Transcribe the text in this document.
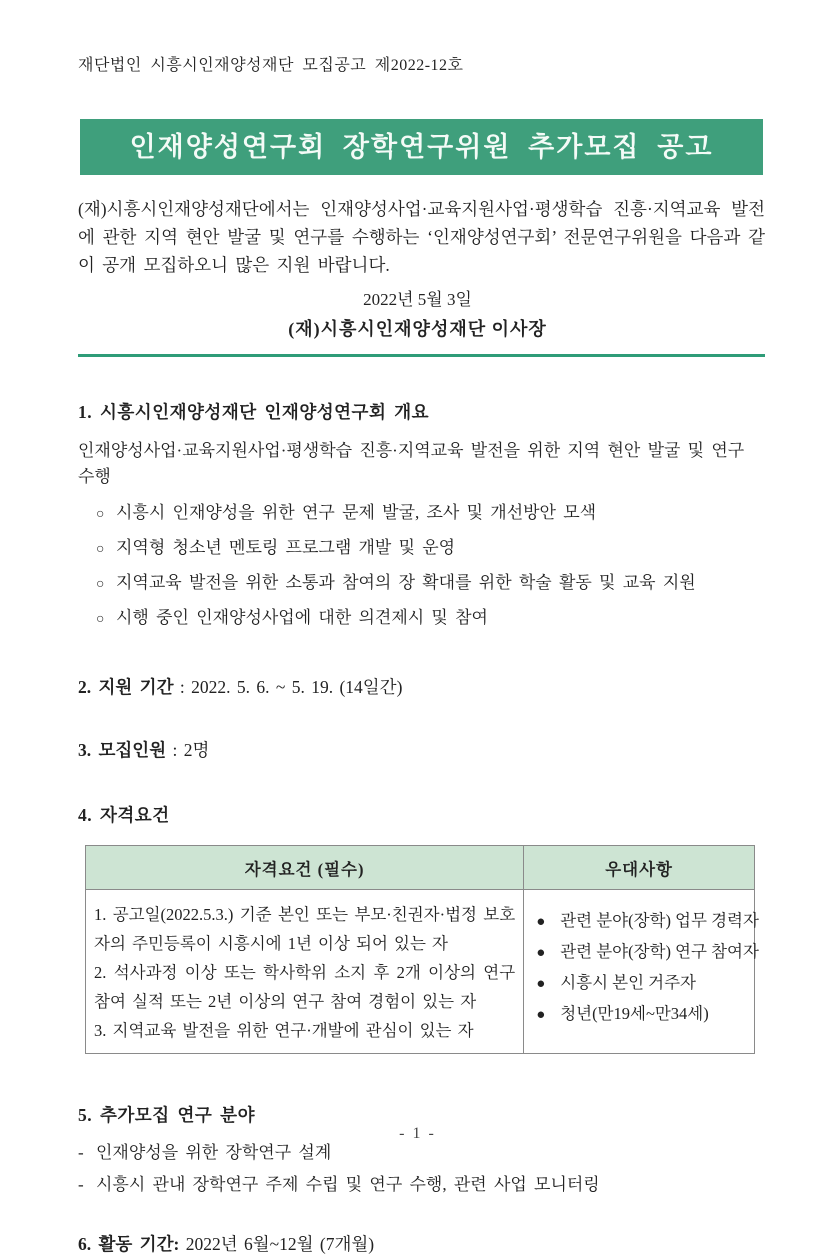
재단법인 시흥시인재양성재단 모집공고 제2022-12호
인재양성연구회 장학연구위원 추가모집 공고

(재)시흥시인재양성재단에서는 인재양성사업·교육지원사업·평생학습 진흥·지역교육 발전에 관한 지역 현안 발굴 및 연구를 수행하는 ‘인재양성연구회’ 전문연구위원을 다음과 같이 공개 모집하오니 많은 지원 바랍니다.

2022년 5월 3일
(재)시흥시인재양성재단 이사장
1. 시흥시인재양성재단 인재양성연구회 개요
인재양성사업·교육지원사업·평생학습 진흥·지역교육 발전을 위한 지역 현안 발굴 및 연구 수행
○ 시흥시 인재양성을 위한 연구 문제 발굴, 조사 및 개선방안 모색
○ 지역형 청소년 멘토링 프로그램 개발 및 운영
○ 지역교육 발전을 위한 소통과 참여의 장 확대를 위한 학술 활동 및 교육 지원
○ 시행 중인 인재양성사업에 대한 의견제시 및 참여
2. 지원 기간 : 2022. 5. 6. ~ 5. 19. (14일간)
3. 모집인원 : 2명
4. 자격요건
자격요건 (필수)	우대사항

1. 공고일(2022.5.3.) 기준 본인 또는 부모·친권자·법정 보호자의 주민등록이 시흥시에 1년 이상 되어 있는 자
2. 석사과정 이상 또는 학사학위 소지 후 2개 이상의 연구 참여 실적 또는 2년 이상의 연구 참여 경험이 있는 자
3. 지역교육 발전을 위한 연구·개발에 관심이 있는 자

● 관련 분야(장학) 업무 경력자
● 관련 분야(장학) 연구 참여자
● 시흥시 본인 거주자
● 청년(만19세~만34세)
5. 추가모집 연구 분야
- 인재양성을 위한 장학연구 설계
- 시흥시 관내 장학연구 주제 수립 및 연구 수행, 관련 사업 모니터링
6. 활동 기간: 2022년 6월~12월 (7개월)
- 1 -
